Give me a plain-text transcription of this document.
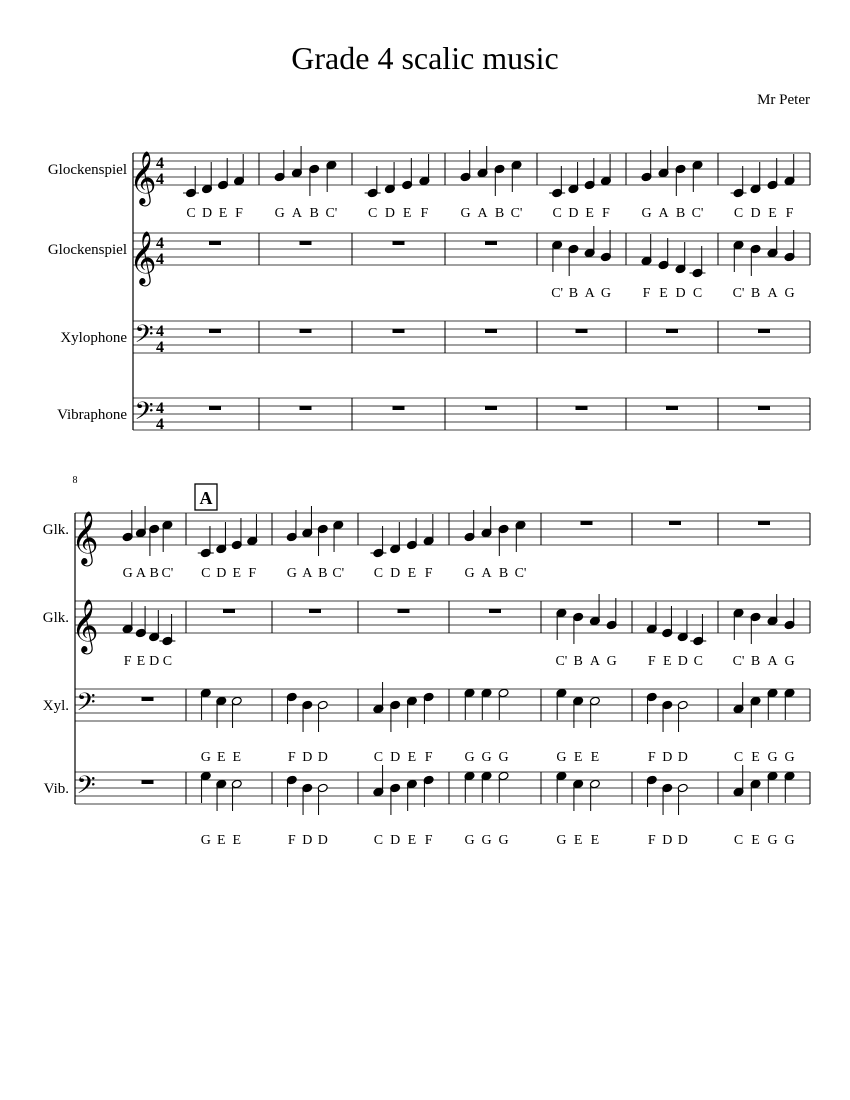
Grade 4 scalic music
Mr Peter
Glockenspiel 𝄞 4
4
C D E F G A B C' C D E F G A B C' C D E F G A B C' C D E F
Glockenspiel 𝄞 4
4
C' B A G F E D C C' B A G
Xylophone 𝄢 4
4
Vibraphone 𝄢 4
4
8
A
Glk. 𝄞
G A B C' C D E F G A B C' C D E F G A B C'
Glk. 𝄞
F E D C	C' B A G F E D C C' B A G
Xyl. 𝄢
G E E	F D D	C D E F G G G	G E E	F D D	C E G G
Vib. 𝄢
G E E	F D D	C D E F G G G	G E E	F D D	C E G G
